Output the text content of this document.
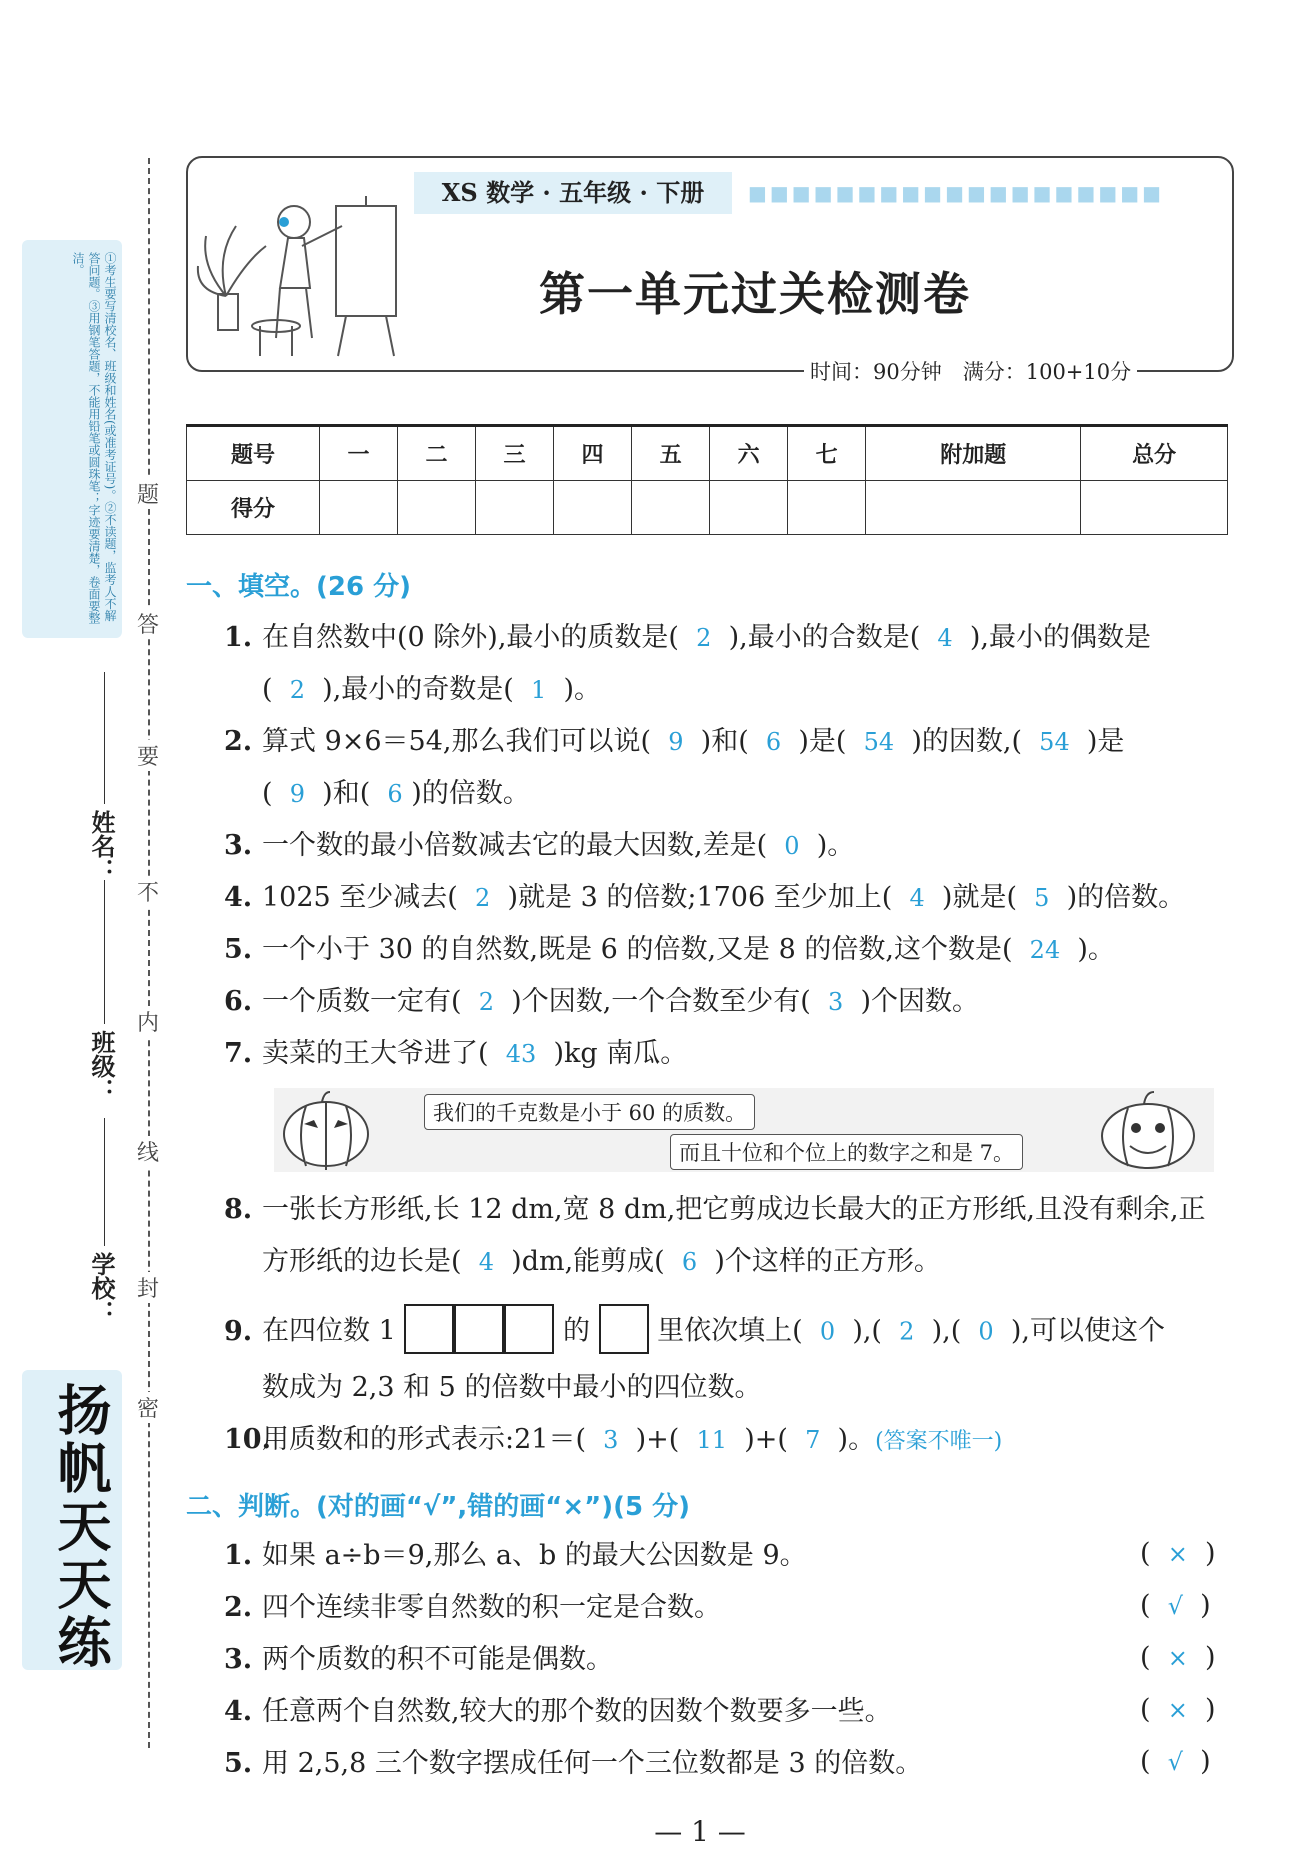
①考生要写清校名、班级和姓名(或准考证号)。②不读题，监考人不解答问题。③用钢笔答题，不能用铅笔或圆珠笔；字迹要清楚，卷面要整洁。
题
答
要
不
内
线
封
密
姓名：
班级：
学校：
扬帆天天练
XS 数学 · 五年级 · 下册	■■■■■■■■■■■■■■■■■■■
第一单元过关检测卷
时间：90分钟　满分：100+10分
题号	一	二	三	四	五	六	七	附加题	总分
得分									
一、填空。(26 分)
1. 在自然数中(0 除外),最小的质数是( 2 ),最小的合数是( 4 ),最小的偶数是
( 2 ),最小的奇数是( 1 )。
2. 算式 9×6＝54,那么我们可以说( 9 )和( 6 )是( 54 )的因数,( 54 )是
( 9 )和( 6 )的倍数。
3. 一个数的最小倍数减去它的最大因数,差是( 0 )。
4. 1025 至少减去( 2 )就是 3 的倍数;1706 至少加上( 4 )就是( 5 )的倍数。
5. 一个小于 30 的自然数,既是 6 的倍数,又是 8 的倍数,这个数是( 24 )。
6. 一个质数一定有( 2 )个因数,一个合数至少有( 3 )个因数。
7. 卖菜的王大爷进了( 43 )kg 南瓜。
我们的千克数是小于 60 的质数。
而且十位和个位上的数字之和是 7。
8. 一张长方形纸,长 12 dm,宽 8 dm,把它剪成边长最大的正方形纸,且没有剩余,正
方形纸的边长是( 4 )dm,能剪成( 6 )个这样的正方形。
9. 在四位数 1	的 里依次填上( 0 ),( 2 ),( 0 ),可以使这个
数成为 2,3 和 5 的倍数中最小的四位数。
10.用质数和的形式表示:21＝( 3 )+( 11 )+( 7 )。(答案不唯一)
二、判断。(对的画“√”,错的画“×”)(5 分)
1. 如果 a÷b＝9,那么 a、b 的最大公因数是 9。	(  ×  )
2. 四个连续非零自然数的积一定是合数。	(  √  )
3. 两个质数的积不可能是偶数。	(  ×  )
4. 任意两个自然数,较大的那个数的因数个数要多一些。	(  ×  )
5. 用 2,5,8 三个数字摆成任何一个三位数都是 3 的倍数。	(  √  )
— 1 —
